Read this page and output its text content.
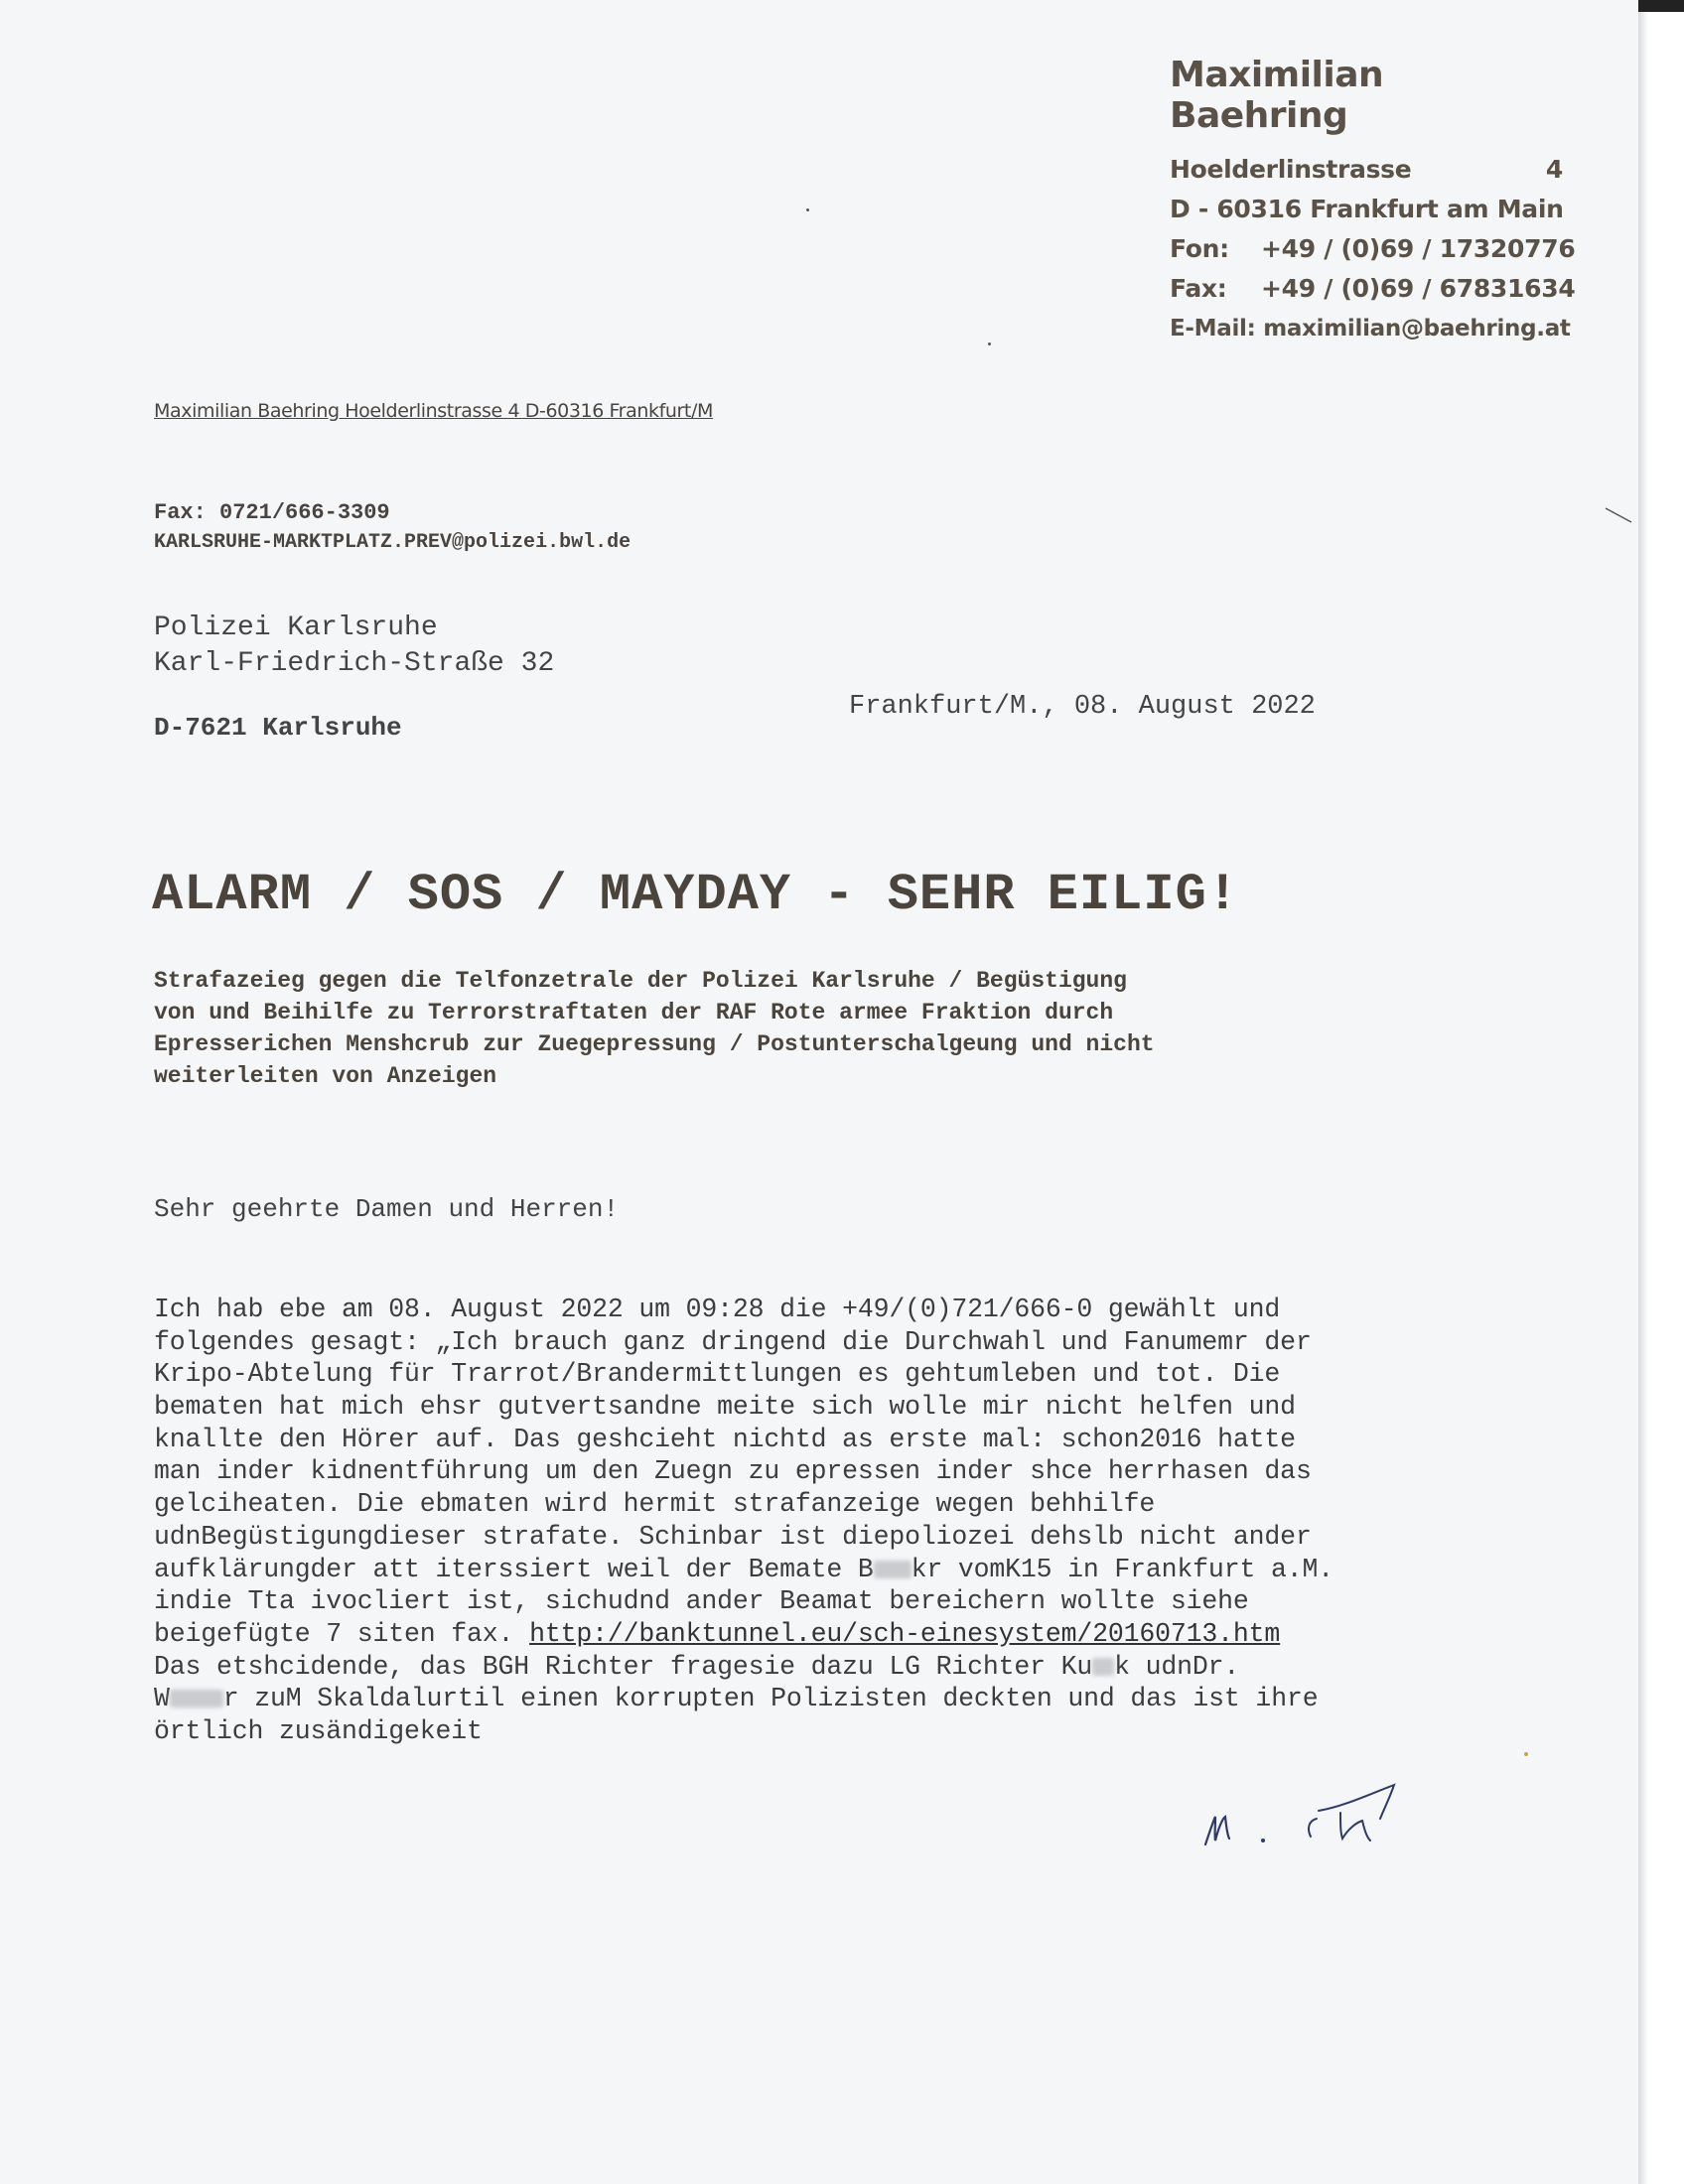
Maximilian Baehring
Hoelderlinstrasse	4
D - 60316 Frankfurt am Main
Fon: +49 / (0)69 / 17320776
Fax: +49 / (0)69 / 67831634
E-Mail: maximilian@baehring.at
Maximilian Baehring Hoelderlinstrasse 4 D-60316 Frankfurt/M
Fax: 0721/666-3309
KARLSRUHE-MARKTPLATZ.PREV@polizei.bwl.de
Polizei Karlsruhe
Karl-Friedrich-Straße 32
D-7621 Karlsruhe
Frankfurt/M., 08. August 2022
ALARM / SOS / MAYDAY - SEHR EILIG!
Strafazeieg gegen die Telfonzetrale der Polizei Karlsruhe / Begüstigung
von und Beihilfe zu Terrorstraftaten der RAF Rote armee Fraktion durch
Epresserichen Menshcrub zur Zuegepressung / Postunterschalgeung und nicht
weiterleiten von Anzeigen
Sehr geehrte Damen und Herren!
Ich hab ebe am 08. August 2022 um 09:28 die +49/(0)721/666-0 gewählt und
folgendes gesagt: „Ich brauch ganz dringend die Durchwahl und Fanumemr der
Kripo-Abtelung für Trarrot/Brandermittlungen es gehtumleben und tot. Die
bematen hat mich ehsr gutvertsandne meite sich wolle mir nicht helfen und
knallte den Hörer auf. Das geshcieht nichtd as erste mal: schon2016 hatte
man inder kidnentführung um den Zuegn zu epressen inder shce herrhasen das
gelciheaten. Die ebmaten wird hermit strafanzeige wegen behhilfe
udnBegüstigungdieser strafate. Schinbar ist diepoliozei dehslb nicht ander
aufklärungder att iterssiert weil der Bemate B kr vomK15 in Frankfurt a.M.
indie Tta ivocliert ist, sichudnd ander Beamat bereichern wollte siehe
beigefügte 7 siten fax. http://banktunnel.eu/sch-einesystem/20160713.htm
Das etshcidende, das BGH Richter fragesie dazu LG Richter Ku k udnDr.
W r zuM Skaldalurtil einen korrupten Polizisten deckten und das ist ihre
örtlich zusändigekeit
